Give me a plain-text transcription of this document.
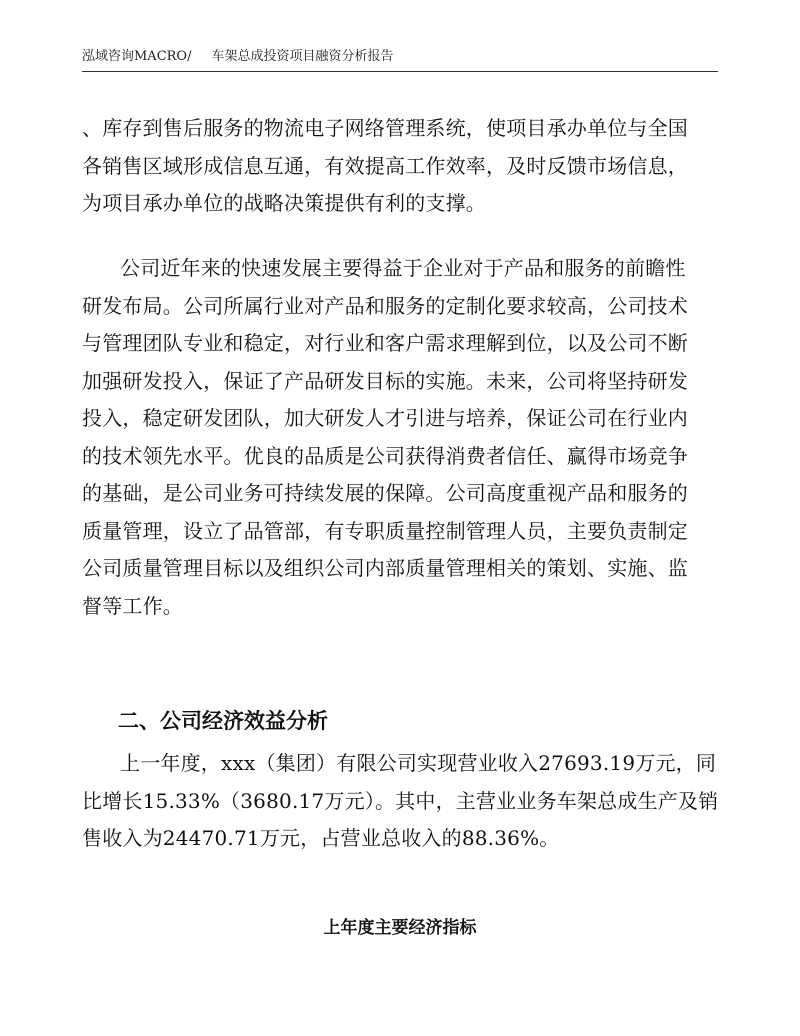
泓域咨询MACRO/ 车架总成投资项目融资分析报告
、库存到售后服务的物流电子网络管理系统，使项目承办单位与全国
各销售区域形成信息互通，有效提高工作效率，及时反馈市场信息，
为项目承办单位的战略决策提供有利的支撑。
公司近年来的快速发展主要得益于企业对于产品和服务的前瞻性
研发布局。公司所属行业对产品和服务的定制化要求较高，公司技术
与管理团队专业和稳定，对行业和客户需求理解到位，以及公司不断
加强研发投入，保证了产品研发目标的实施。未来，公司将坚持研发
投入，稳定研发团队，加大研发人才引进与培养，保证公司在行业内
的技术领先水平。优良的品质是公司获得消费者信任、赢得市场竞争
的基础，是公司业务可持续发展的保障。公司高度重视产品和服务的
质量管理，设立了品管部，有专职质量控制管理人员，主要负责制定
公司质量管理目标以及组织公司内部质量管理相关的策划、实施、监
督等工作。
二、公司经济效益分析
上一年度，xxx（集团）有限公司实现营业收入27693.19万元，同
比增长15.33%（3680.17万元）。其中，主营业业务车架总成生产及销
售收入为24470.71万元，占营业总收入的88.36%。
上年度主要经济指标
